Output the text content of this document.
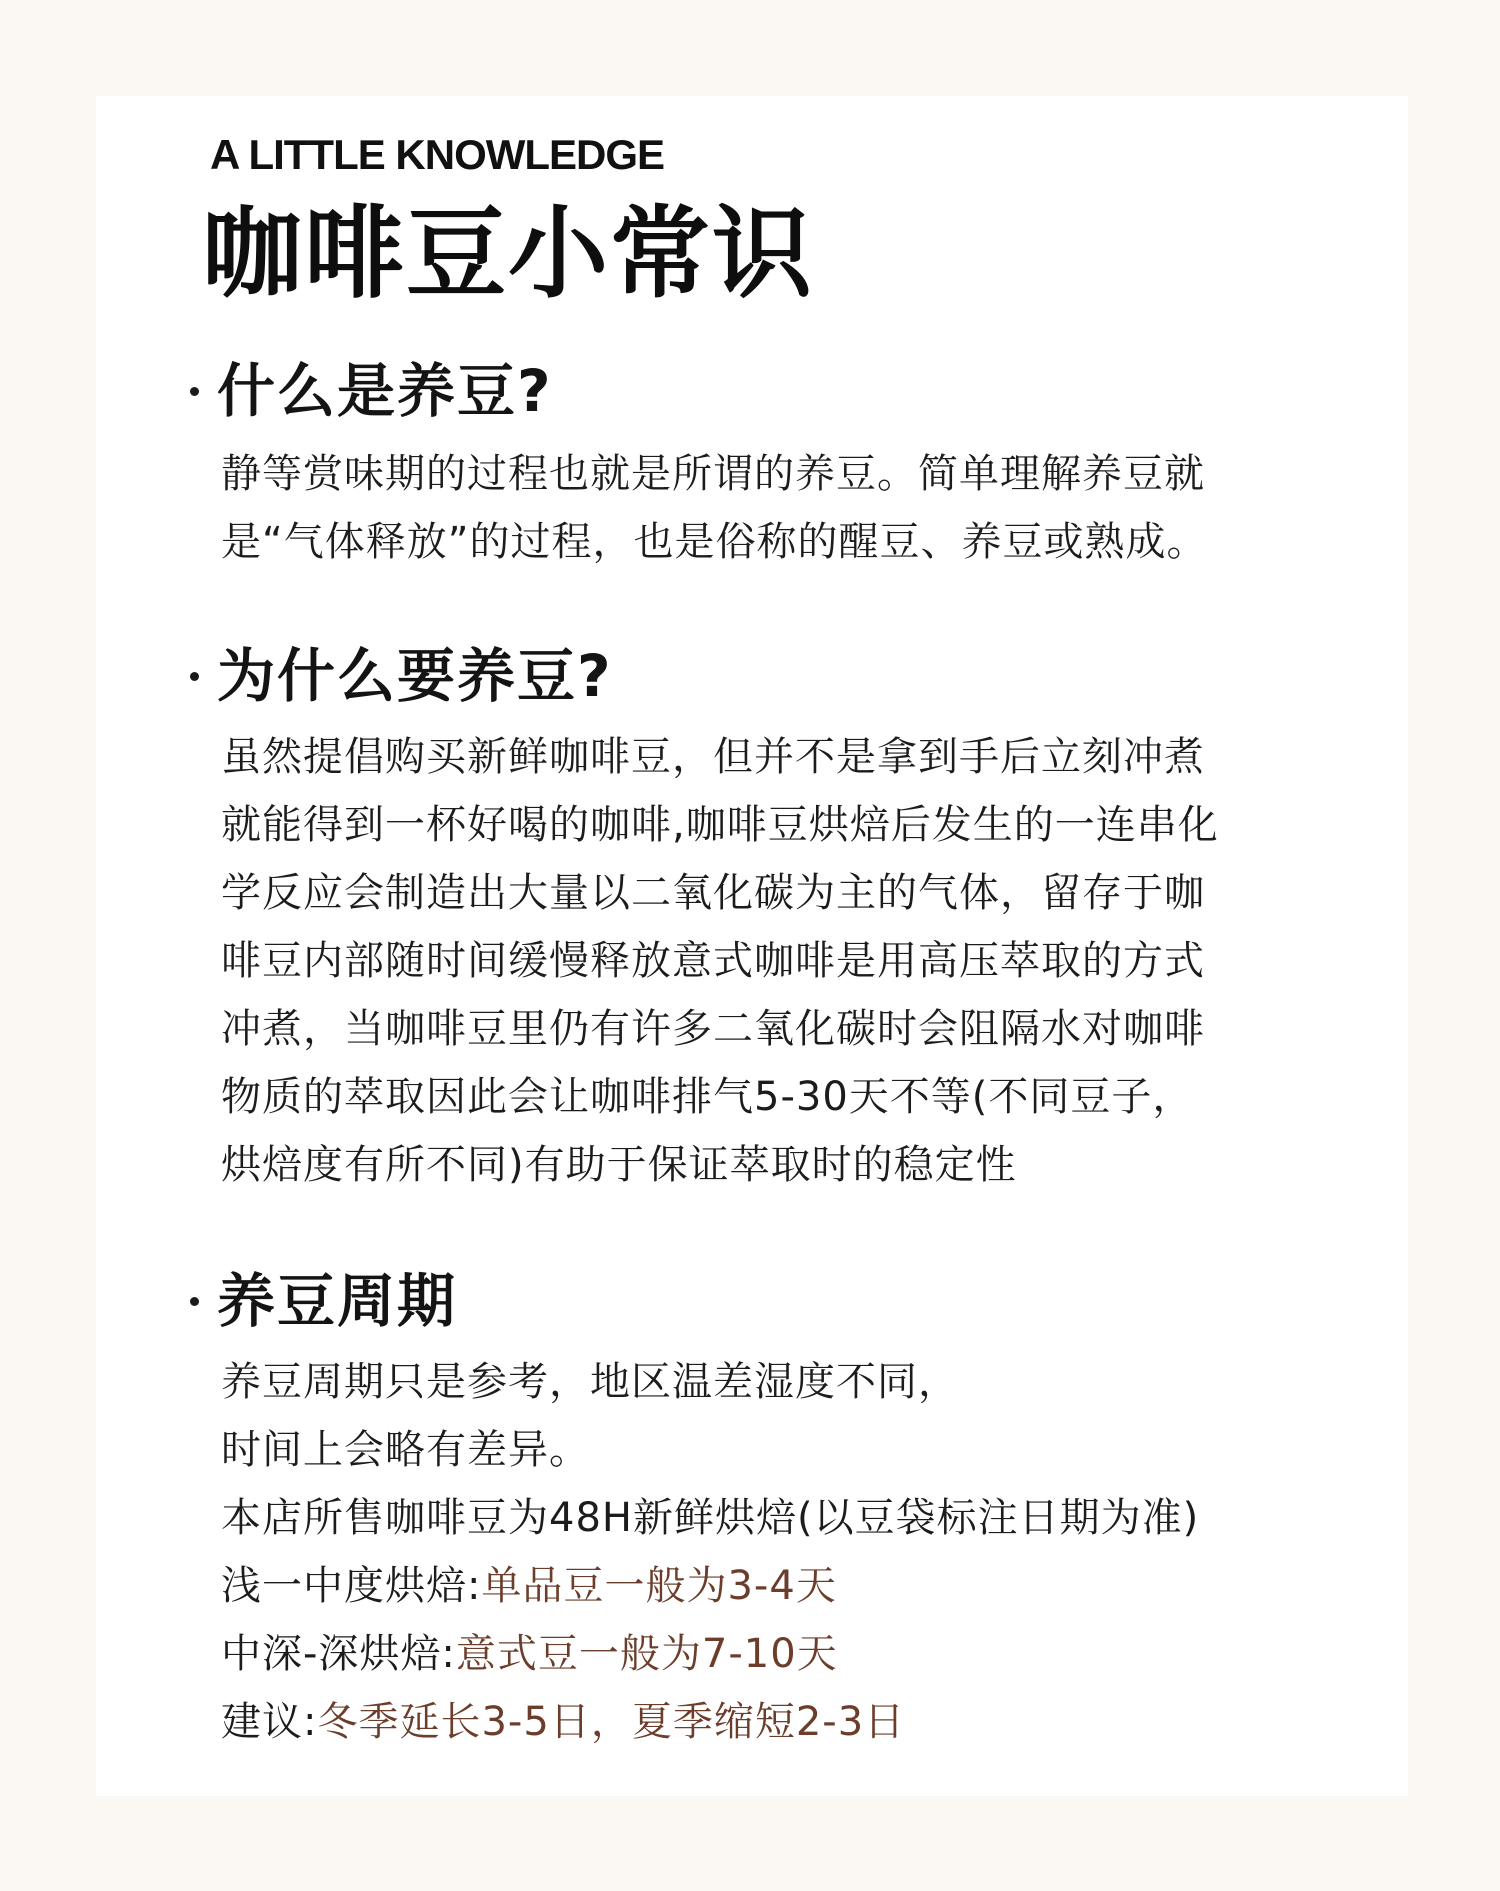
A LITTLE KNOWLEDGE
咖啡豆小常识
什么是养豆?
静等赏味期的过程也就是所谓的养豆。简单理解养豆就
是“气体释放”的过程，也是俗称的醒豆、养豆或熟成。
为什么要养豆?
虽然提倡购买新鲜咖啡豆，但并不是拿到手后立刻冲煮
就能得到一杯好喝的咖啡,咖啡豆烘焙后发生的一连串化
学反应会制造出大量以二氧化碳为主的气体，留存于咖
啡豆内部随时间缓慢释放意式咖啡是用高压萃取的方式
冲煮，当咖啡豆里仍有许多二氧化碳时会阻隔水对咖啡
物质的萃取因此会让咖啡排气5-30天不等(不同豆子，
烘焙度有所不同)有助于保证萃取时的稳定性
养豆周期
养豆周期只是参考，地区温差湿度不同，
时间上会略有差异。
本店所售咖啡豆为48H新鲜烘焙(以豆袋标注日期为准)
浅一中度烘焙:单品豆一般为3-4天
中深-深烘焙:意式豆一般为7-10天
建议:冬季延长3-5日，夏季缩短2-3日
